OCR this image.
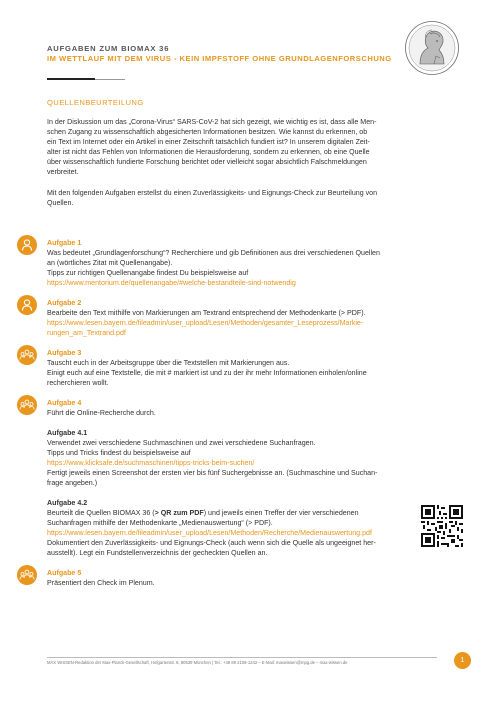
AUFGABEN ZUM BIOMAX 36
IM WETTLAUF MIT DEM VIRUS - KEIN IMPFSTOFF OHNE GRUNDLAGENFORSCHUNG
QUELLENBEURTEILUNG

In der Diskussion um das „Corona-Virus“ SARS-CoV-2 hat sich gezeigt, wie wichtig es ist, dass alle Men-
schen Zugang zu wissenschaftlich abgesicherten Informationen besitzen. Wie kannst du erkennen, ob
ein Text im Internet oder ein Artikel in einer Zeitschrift tatsächlich fundiert ist? In unserem digitalen Zeit-
alter ist nicht das Fehlen von Informationen die Herausforderung, sondern zu erkennen, ob eine Quelle
über wissenschaftlich fundierte Forschung berichtet oder vielleicht sogar absichtlich Falschmeldungen
verbreitet.

Mit den folgenden Aufgaben erstellst du einen Zuverlässigkeits- und Eignungs-Check zur Beurteilung von
Quellen.

Aufgabe 1
Was bedeutet „Grundlagenforschung“? Recherchiere und gib Definitionen aus drei verschiedenen Quellen
an (wörtliches Zitat mit Quellenangabe).
Tipps zur richtigen Quellenangabe findest Du beispielsweise auf
https://www.mentorium.de/quellenangabe/#welche-bestandteile-sind-notwendig
Aufgabe 2
Bearbeite den Text mithilfe von Markierungen am Textrand entsprechend der Methodenkarte (> PDF).
https://www.lesen.bayern.de/fileadmin/user_upload/Lesen/Methoden/gesamter_Leseprozess/Markie-
rungen_am_Textrand.pdf
Aufgabe 3
Tauscht euch in der Arbeitsgruppe über die Textstellen mit Markierungen aus.
Einigt euch auf eine Textstelle, die mit # markiert ist und zu der ihr mehr Informationen einholen/online
recherchieren wollt.
Aufgabe 4
Führt die Online-Recherche durch.
Aufgabe 4.1
Verwendet zwei verschiedene Suchmaschinen und zwei verschiedene Suchanfragen.
Tipps und Tricks findest du beispielsweise auf
https://www.klicksafe.de/suchmaschinen/tipps-tricks-beim-suchen/
Fertigt jeweils einen Screenshot der ersten vier bis fünf Suchergebnisse an. (Suchmaschine und Suchan-
frage angeben.)
Aufgabe 4.2
Beurteilt die Quellen BIOMAX 36 (> QR zum PDF) und jeweils einen Treffer der vier verschiedenen
Suchanfragen mithilfe der Methodenkarte „Medienauswertung“ (> PDF).
https://www.lesen.bayern.de/fileadmin/user_upload/Lesen/Methoden/Recherche/Medienauswertung.pdf
Dokumentiert den Zuverlässigkeits- und Eignungs-Check (auch wenn sich die Quelle als ungeeignet her-
ausstellt). Legt ein Fundstellenverzeichnis der gecheckten Quellen an.
Aufgabe 5
Präsentiert den Check im Plenum.
MAX WISSEN-Redaktion der Max-Planck-Gesellschaft, Hofgartenstr. 8, 80539 München | Tel.: +49 89 2108-1242 – E-Mail: maxwissen@mpg.de – max-wissen.de	1
